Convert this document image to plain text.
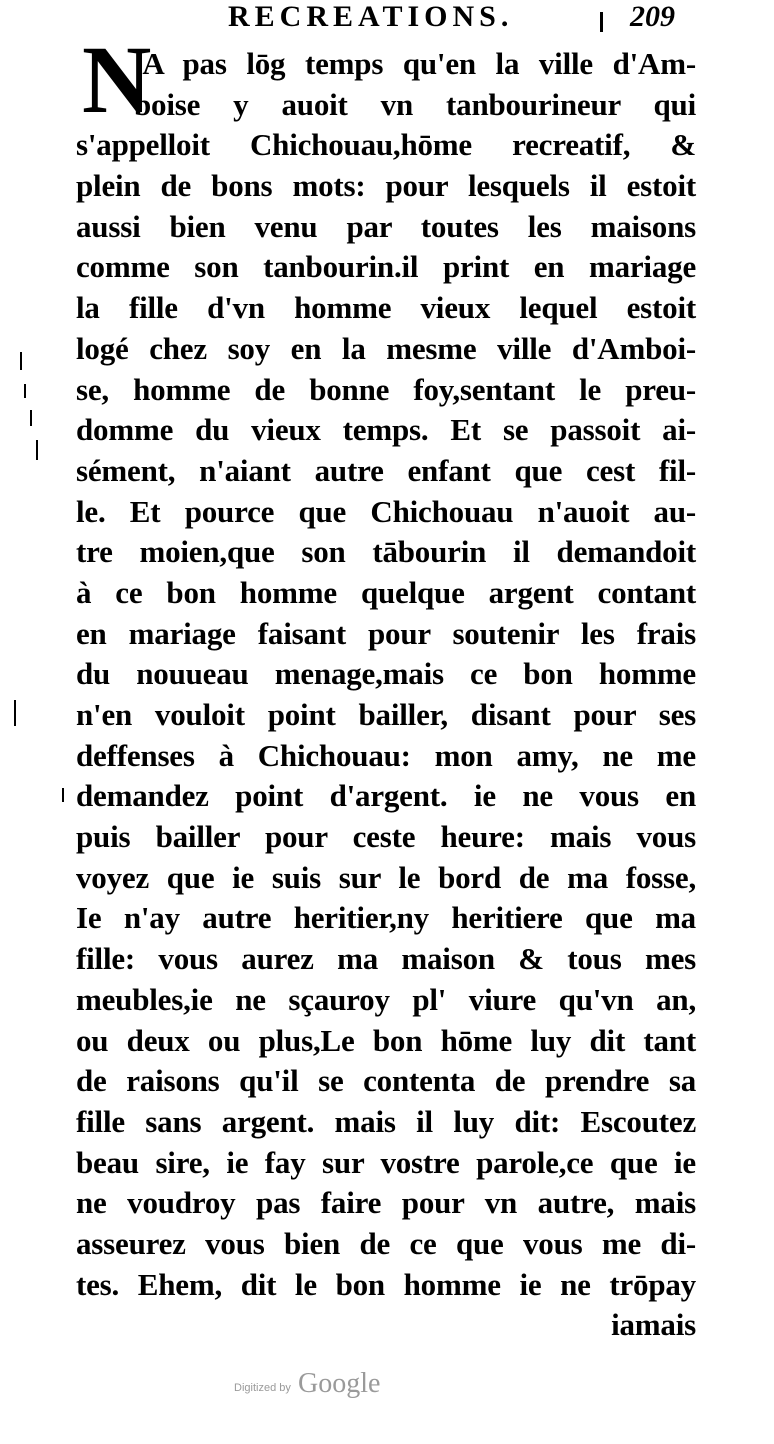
RECREATIONS.	209
N
'A pas lōg temps qu'en la ville d'Am-
boise y auoit vn tanbourineur qui
s'appelloit Chichouau,hōme recreatif, &
plein de bons mots: pour lesquels il estoit
aussi bien venu par toutes les maisons
comme son tanbourin.il print en mariage
la fille d'vn homme vieux lequel estoit
logé chez soy en la mesme ville d'Amboi-
se, homme de bonne foy,sentant le preu-
domme du vieux temps. Et se passoit ai-
sément, n'aiant autre enfant que cest fil-
le. Et pource que Chichouau n'auoit au-
tre moien,que son tābourin il demandoit
à ce bon homme quelque argent contant
en mariage faisant pour soutenir les frais
du nouueau menage,mais ce bon homme
n'en vouloit point bailler, disant pour ses
deffenses à Chichouau: mon amy, ne me
demandez point d'argent. ie ne vous en
puis bailler pour ceste heure: mais vous
voyez que ie suis sur le bord de ma fosse,
Ie n'ay autre heritier,ny heritiere que ma
fille: vous aurez ma maison & tous mes
meubles,ie ne sçauroy pl' viure qu'vn an,
ou deux ou plus,Le bon hōme luy dit tant
de raisons qu'il se contenta de prendre sa
fille sans argent. mais il luy dit: Escoutez
beau sire, ie fay sur vostre parole,ce que ie
ne voudroy pas faire pour vn autre, mais
asseurez vous bien de ce que vous me di-
tes. Ehem, dit le bon homme ie ne trōpay
iamais
Digitized by Google
